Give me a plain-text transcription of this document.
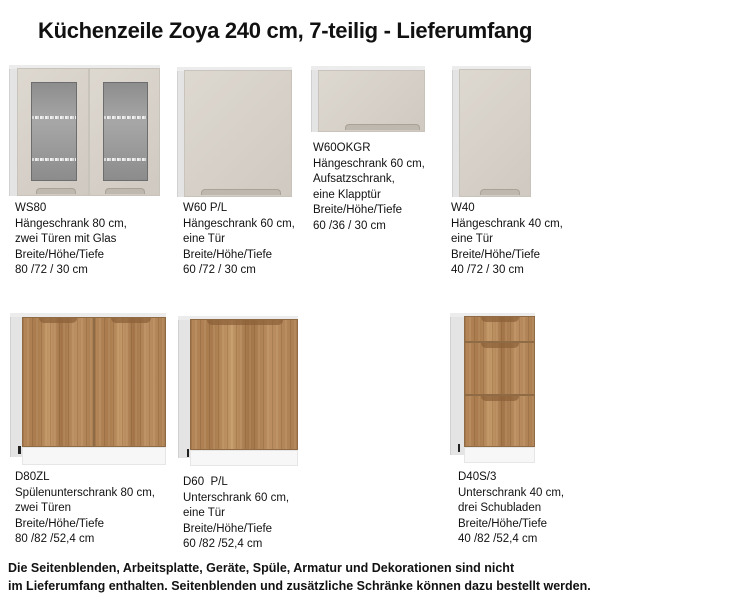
Küchenzeile Zoya 240 cm, 7-teilig - Lieferumfang
WS80
Hängeschrank 80 cm,
zwei Türen mit Glas
Breite/Höhe/Tiefe
80 /72 / 30 cm
W60 P/L
Hängeschrank 60 cm,
eine Tür
Breite/Höhe/Tiefe
60 /72 / 30 cm
W60OKGR
Hängeschrank 60 cm,
Aufsatzschrank,
eine Klapptür
Breite/Höhe/Tiefe
60 /36 / 30 cm
W40
Hängeschrank 40 cm,
eine Tür
Breite/Höhe/Tiefe
40 /72 / 30 cm
D80ZL
Spülenunterschrank 80 cm,
zwei Türen
Breite/Höhe/Tiefe
80 /82 /52,4 cm
D60  P/L
Unterschrank 60 cm,
eine Tür
Breite/Höhe/Tiefe
60 /82 /52,4 cm
D40S/3
Unterschrank 40 cm,
drei Schubladen
Breite/Höhe/Tiefe
40 /82 /52,4 cm
Die Seitenblenden, Arbeitsplatte, Geräte, Spüle, Armatur und Dekorationen sind nicht
im Lieferumfang enthalten. Seitenblenden und zusätzliche Schränke können dazu bestellt werden.
